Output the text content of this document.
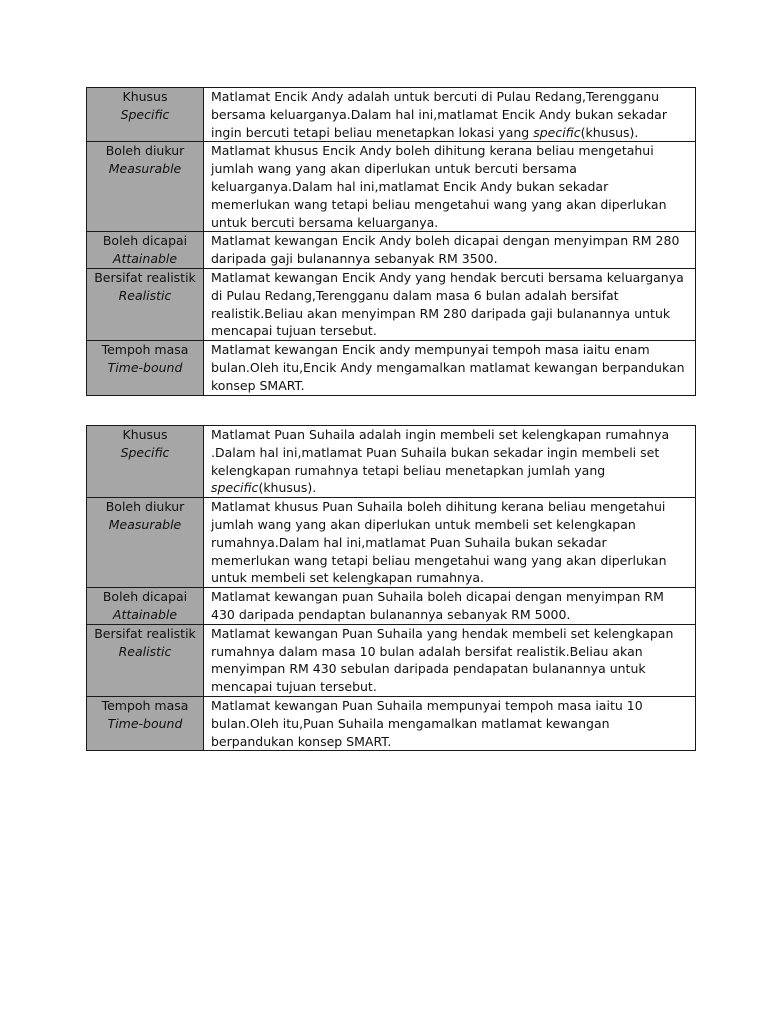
Khusus
Specific	Matlamat Encik Andy adalah untuk bercuti di Pulau Redang,Terengganu bersama keluarganya.Dalam hal ini,matlamat Encik Andy bukan sekadar ingin bercuti tetapi beliau menetapkan lokasi yang specific(khusus).

Boleh diukur
Measurable	Matlamat khusus Encik Andy boleh dihitung kerana beliau mengetahui jumlah wang yang akan diperlukan untuk bercuti bersama keluarganya.Dalam hal ini,matlamat Encik Andy bukan sekadar memerlukan wang tetapi beliau mengetahui wang yang akan diperlukan untuk bercuti bersama keluarganya.

Boleh dicapai
Attainable	Matlamat kewangan Encik Andy boleh dicapai dengan menyimpan RM 280 daripada gaji bulanannya sebanyak RM 3500.

Bersifat realistik
Realistic	Matlamat kewangan Encik Andy yang hendak bercuti bersama keluarganya di Pulau Redang,Terengganu dalam masa 6 bulan adalah bersifat realistik.Beliau akan menyimpan RM 280 daripada gaji bulanannya untuk mencapai tujuan tersebut.

Tempoh masa
Time-bound	Matlamat kewangan Encik andy mempunyai tempoh masa iaitu enam bulan.Oleh itu,Encik Andy mengamalkan matlamat kewangan berpandukan konsep SMART.
Khusus
Specific	Matlamat Puan Suhaila adalah ingin membeli set kelengkapan rumahnya .Dalam hal ini,matlamat Puan Suhaila bukan sekadar ingin membeli set kelengkapan rumahnya tetapi beliau menetapkan jumlah yang specific(khusus).

Boleh diukur
Measurable	Matlamat khusus Puan Suhaila boleh dihitung kerana beliau mengetahui jumlah wang yang akan diperlukan untuk membeli set kelengkapan rumahnya.Dalam hal ini,matlamat Puan Suhaila bukan sekadar memerlukan wang tetapi beliau mengetahui wang yang akan diperlukan untuk membeli set kelengkapan rumahnya.

Boleh dicapai
Attainable	Matlamat kewangan puan Suhaila boleh dicapai dengan menyimpan RM 430 daripada pendaptan bulanannya sebanyak RM 5000.

Bersifat realistik
Realistic	Matlamat kewangan Puan Suhaila yang hendak membeli set kelengkapan rumahnya dalam masa 10 bulan adalah bersifat realistik.Beliau akan menyimpan RM 430 sebulan daripada pendapatan bulanannya untuk mencapai tujuan tersebut.

Tempoh masa
Time-bound	Matlamat kewangan Puan Suhaila mempunyai tempoh masa iaitu 10 bulan.Oleh itu,Puan Suhaila mengamalkan matlamat kewangan berpandukan konsep SMART.
